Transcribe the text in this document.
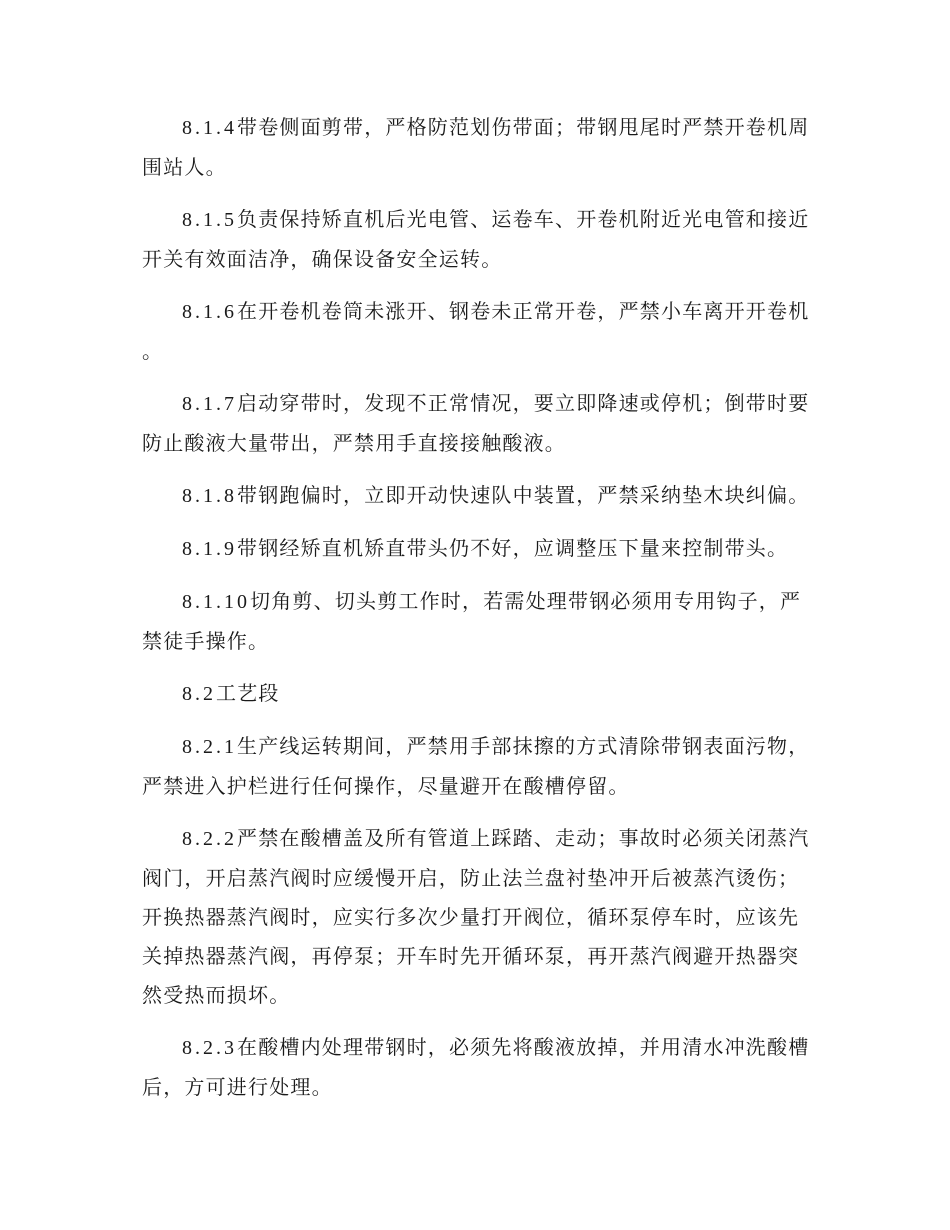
8.1.4带卷侧面剪带，严格防范划伤带面；带钢甩尾时严禁开卷机周围站人。

8.1.5负责保持矫直机后光电管、运卷车、开卷机附近光电管和接近开关有效面洁净，确保设备安全运转。

8.1.6在开卷机卷筒未涨开、钢卷未正常开卷，严禁小车离开开卷机。

8.1.7启动穿带时，发现不正常情况，要立即降速或停机；倒带时要防止酸液大量带出，严禁用手直接接触酸液。

8.1.8带钢跑偏时，立即开动快速队中装置，严禁采纳垫木块纠偏。

8.1.9带钢经矫直机矫直带头仍不好，应调整压下量来控制带头。

8.1.10切角剪、切头剪工作时，若需处理带钢必须用专用钩子，严禁徒手操作。

8.2工艺段

8.2.1生产线运转期间，严禁用手部抹擦的方式清除带钢表面污物，严禁进入护栏进行任何操作，尽量避开在酸槽停留。

8.2.2严禁在酸槽盖及所有管道上踩踏、走动；事故时必须关闭蒸汽阀门，开启蒸汽阀时应缓慢开启，防止法兰盘衬垫冲开后被蒸汽烫伤；开换热器蒸汽阀时，应实行多次少量打开阀位，循环泵停车时，应该先关掉热器蒸汽阀，再停泵；开车时先开循环泵，再开蒸汽阀避开热器突然受热而损坏。

8.2.3在酸槽内处理带钢时，必须先将酸液放掉，并用清水冲洗酸槽后，方可进行处理。
